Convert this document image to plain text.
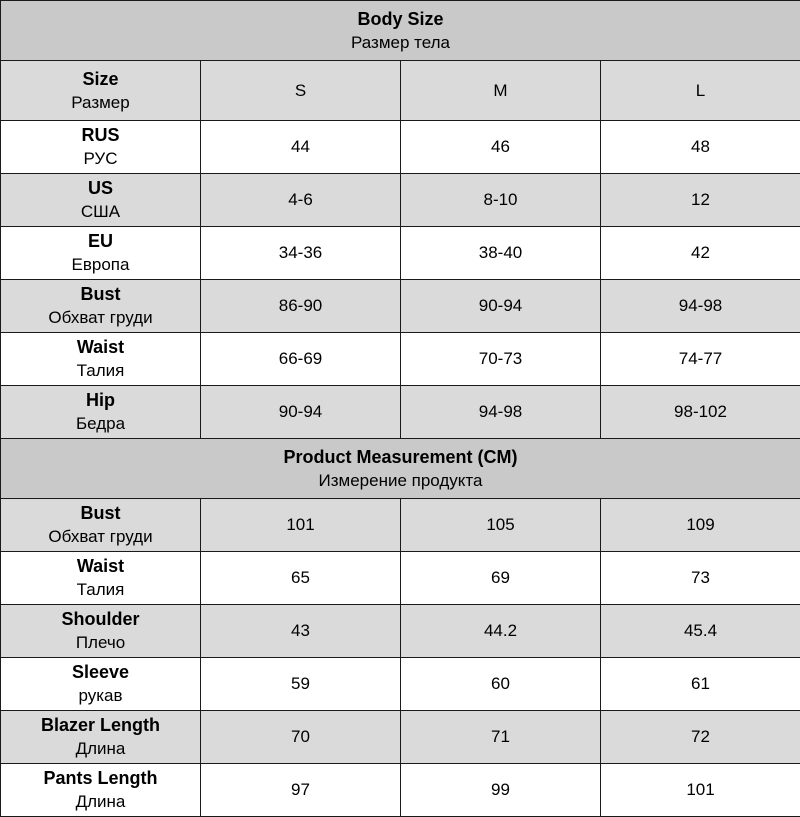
Body Size
Размер тела			

Size
Размер	S	M	L

RUS
РУС	44	46	48

US
США	4-6	8-10	12

EU
Европа	34-36	38-40	42

Bust
Обхват груди	86-90	90-94	94-98

Waist
Талия	66-69	70-73	74-77

Hip
Бедра	90-94	94-98	98-102

Product Measurement (CM)
Измерение продукта			

Bust
Обхват груди	101	105	109

Waist
Талия	65	69	73

Shoulder
Плечо	43	44.2	45.4

Sleeve
рукав	59	60	61

Blazer Length
Длина	70	71	72

Pants Length
Длина	97	99	101
